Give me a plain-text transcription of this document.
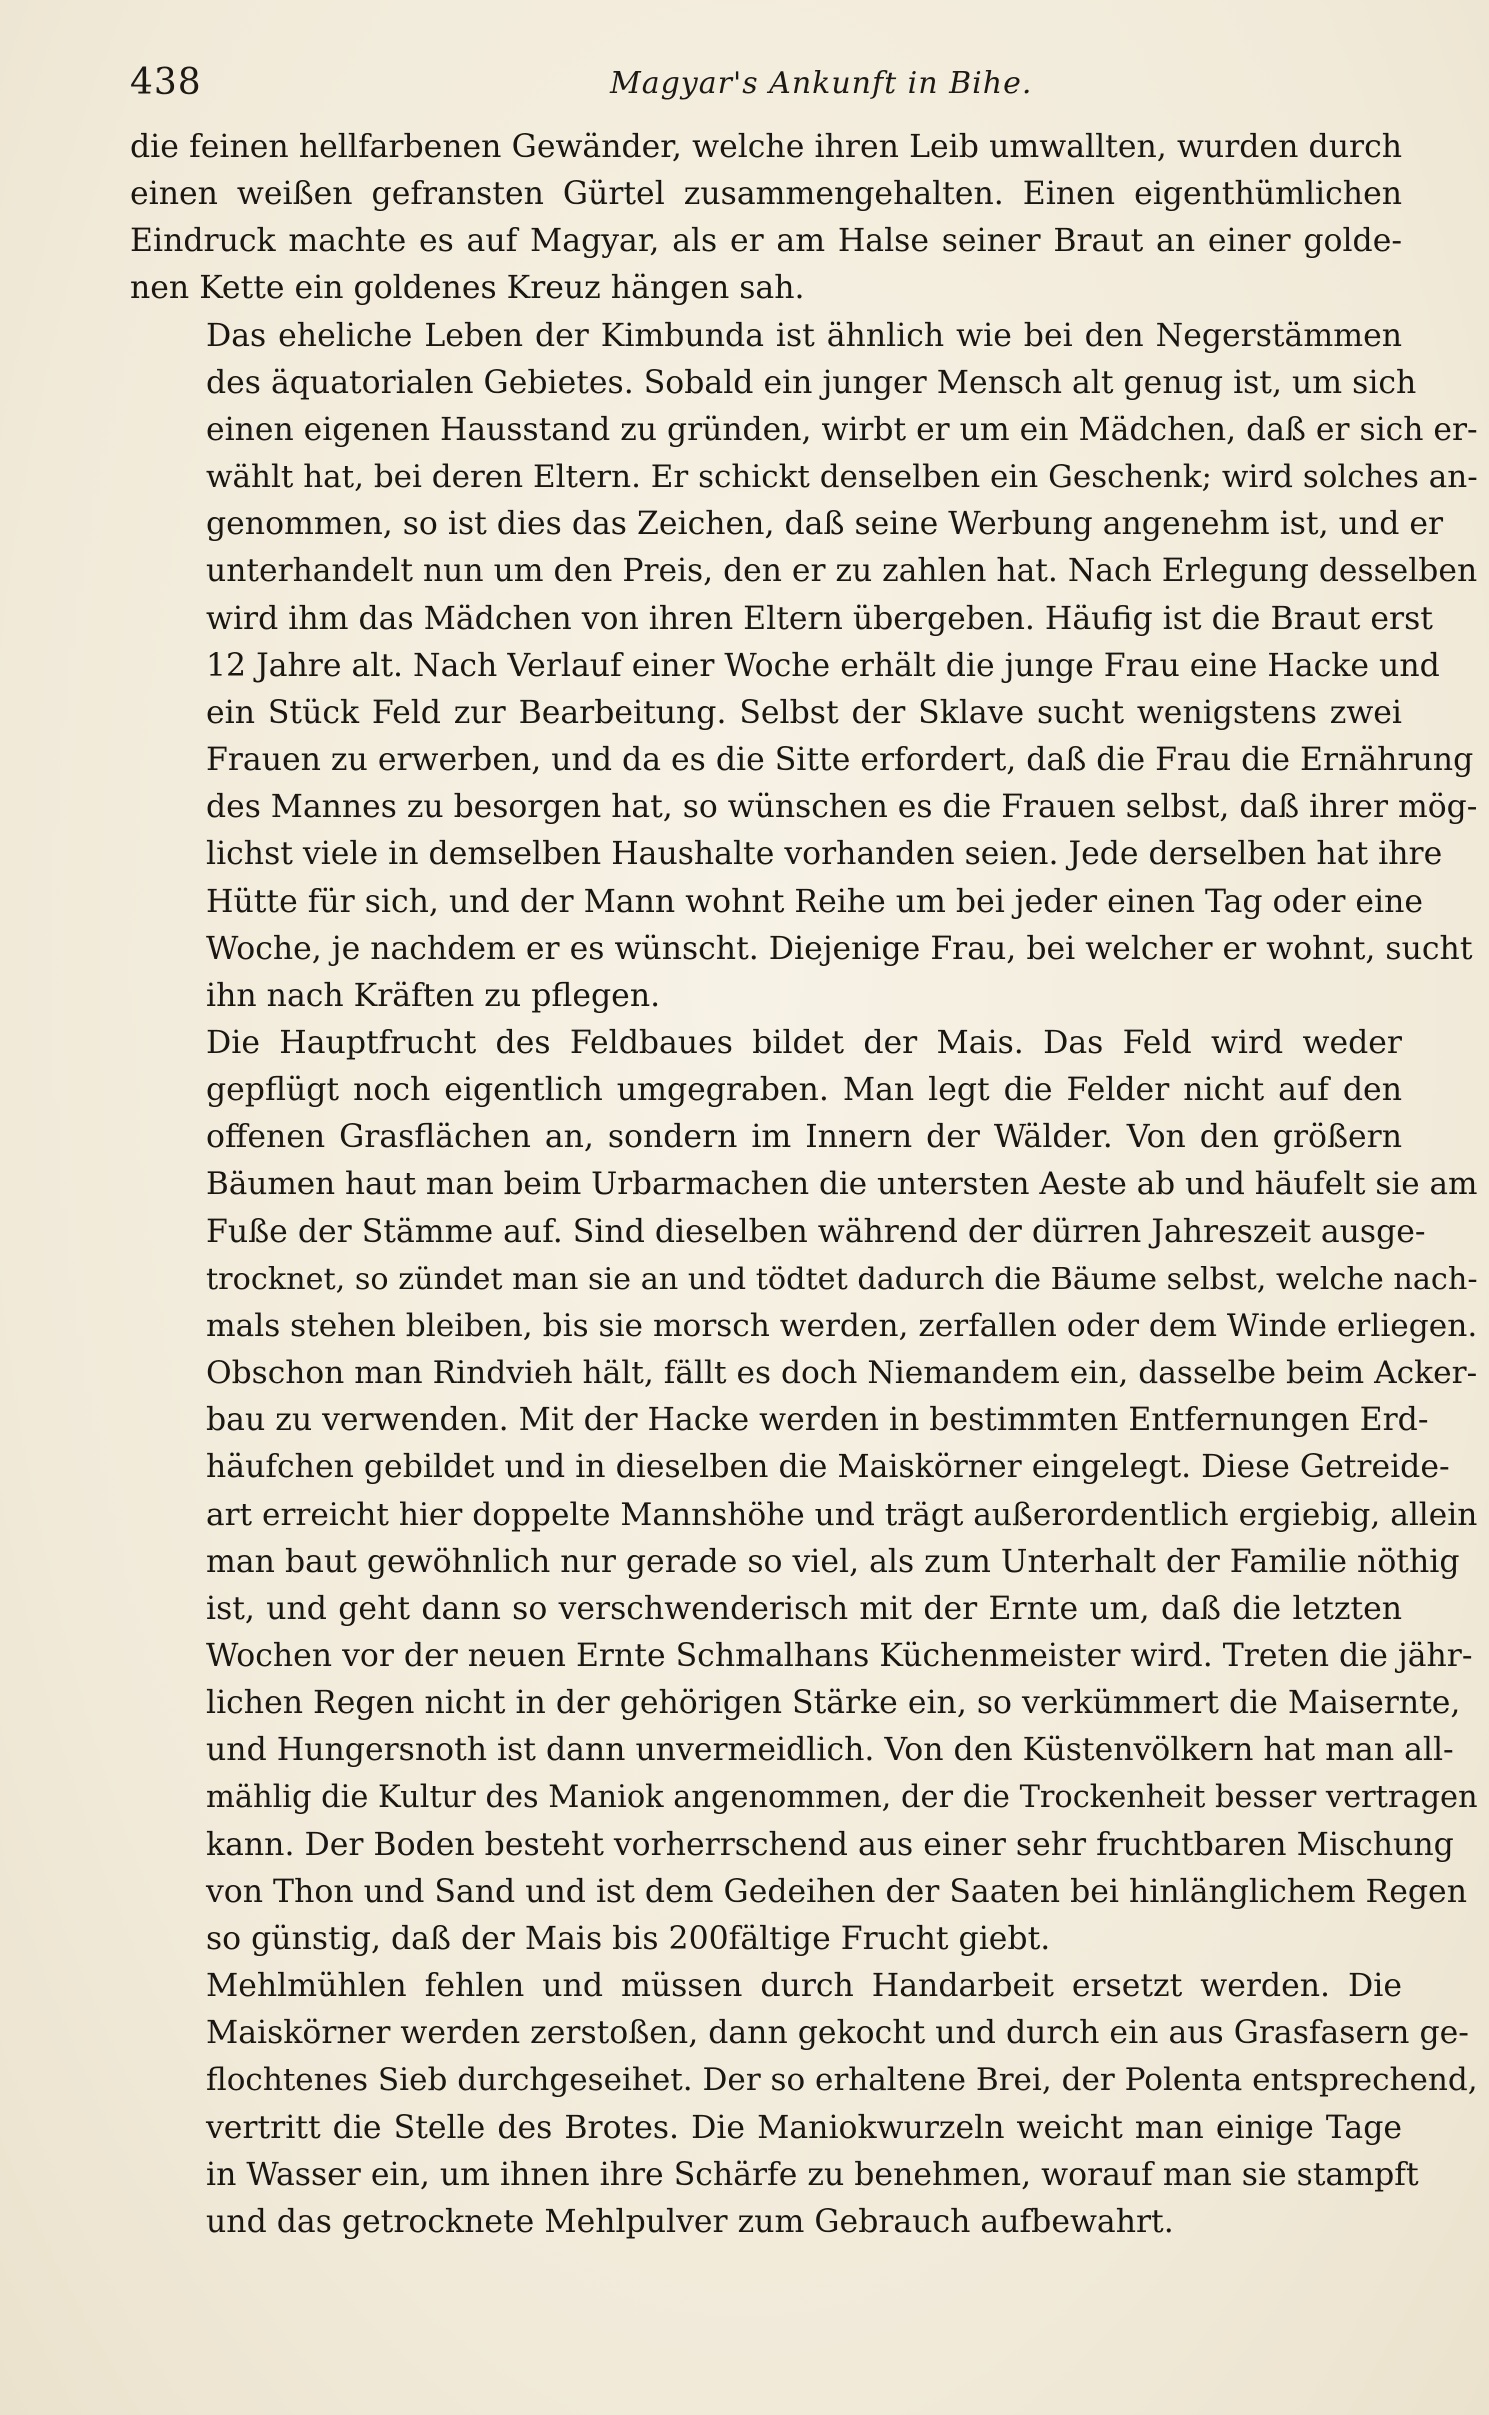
438	Magyar's Ankunft in Bihe.

die feinen hellfarbenen Gewänder, welche ihren Leib umwallten, wurden durch
einen weißen gefransten Gürtel zusammengehalten. Einen eigenthümlichen
Eindruck machte es auf Magyar, als er am Halse seiner Braut an einer golde-
nen Kette ein goldenes Kreuz hängen sah.

Das eheliche Leben der Kimbunda ist ähnlich wie bei den Negerstämmen
des äquatorialen Gebietes. Sobald ein junger Mensch alt genug ist, um sich
einen eigenen Hausstand zu gründen, wirbt er um ein Mädchen, daß er sich er-
wählt hat, bei deren Eltern. Er schickt denselben ein Geschenk; wird solches an-
genommen, so ist dies das Zeichen, daß seine Werbung angenehm ist, und er
unterhandelt nun um den Preis, den er zu zahlen hat. Nach Erlegung desselben
wird ihm das Mädchen von ihren Eltern übergeben. Häufig ist die Braut erst
12 Jahre alt. Nach Verlauf einer Woche erhält die junge Frau eine Hacke und
ein Stück Feld zur Bearbeitung. Selbst der Sklave sucht wenigstens zwei
Frauen zu erwerben, und da es die Sitte erfordert, daß die Frau die Ernährung
des Mannes zu besorgen hat, so wünschen es die Frauen selbst, daß ihrer mög-
lichst viele in demselben Haushalte vorhanden seien. Jede derselben hat ihre
Hütte für sich, und der Mann wohnt Reihe um bei jeder einen Tag oder eine
Woche, je nachdem er es wünscht. Diejenige Frau, bei welcher er wohnt, sucht
ihn nach Kräften zu pflegen.

Die Hauptfrucht des Feldbaues bildet der Mais. Das Feld wird weder
gepflügt noch eigentlich umgegraben. Man legt die Felder nicht auf den
offenen Grasflächen an, sondern im Innern der Wälder. Von den größern
Bäumen haut man beim Urbarmachen die untersten Aeste ab und häufelt sie am
Fuße der Stämme auf. Sind dieselben während der dürren Jahreszeit ausge-
trocknet, so zündet man sie an und tödtet dadurch die Bäume selbst, welche nach-
mals stehen bleiben, bis sie morsch werden, zerfallen oder dem Winde erliegen.
Obschon man Rindvieh hält, fällt es doch Niemandem ein, dasselbe beim Acker-
bau zu verwenden. Mit der Hacke werden in bestimmten Entfernungen Erd-
häufchen gebildet und in dieselben die Maiskörner eingelegt. Diese Getreide-
art erreicht hier doppelte Mannshöhe und trägt außerordentlich ergiebig, allein
man baut gewöhnlich nur gerade so viel, als zum Unterhalt der Familie nöthig
ist, und geht dann so verschwenderisch mit der Ernte um, daß die letzten
Wochen vor der neuen Ernte Schmalhans Küchenmeister wird. Treten die jähr-
lichen Regen nicht in der gehörigen Stärke ein, so verkümmert die Maisernte,
und Hungersnoth ist dann unvermeidlich. Von den Küstenvölkern hat man all-
mählig die Kultur des Maniok angenommen, der die Trockenheit besser vertragen
kann. Der Boden besteht vorherrschend aus einer sehr fruchtbaren Mischung
von Thon und Sand und ist dem Gedeihen der Saaten bei hinlänglichem Regen
so günstig, daß der Mais bis 200fältige Frucht giebt.

Mehlmühlen fehlen und müssen durch Handarbeit ersetzt werden. Die
Maiskörner werden zerstoßen, dann gekocht und durch ein aus Grasfasern ge-
flochtenes Sieb durchgeseihet. Der so erhaltene Brei, der Polenta entsprechend,
vertritt die Stelle des Brotes. Die Maniokwurzeln weicht man einige Tage
in Wasser ein, um ihnen ihre Schärfe zu benehmen, worauf man sie stampft
und das getrocknete Mehlpulver zum Gebrauch aufbewahrt.
